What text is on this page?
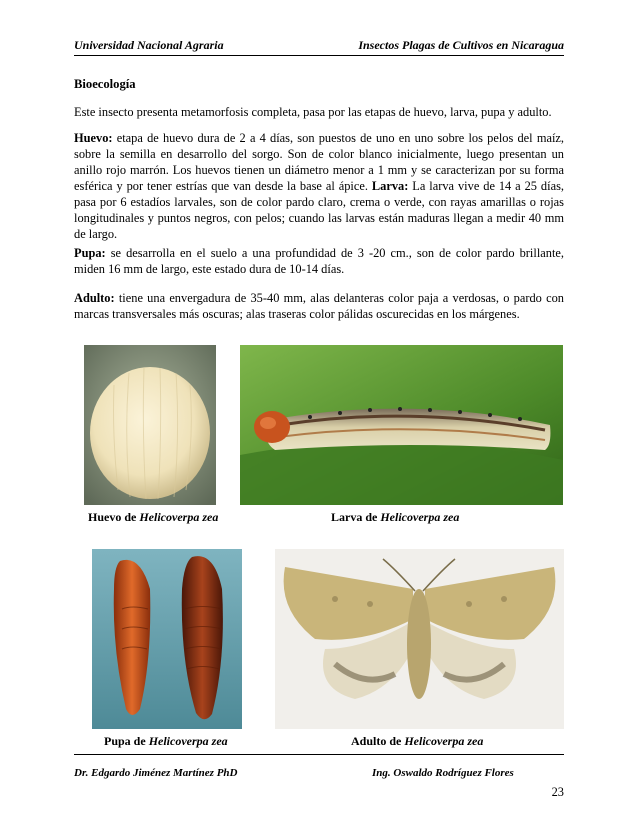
Universidad Nacional Agraria	Insectos Plagas de Cultivos en Nicaragua
Bioecología
Este insecto presenta metamorfosis completa, pasa por las etapas de huevo, larva, pupa y adulto.
Huevo: etapa de huevo dura de 2 a 4 días, son puestos de uno en uno sobre los pelos del maíz, sobre la semilla en desarrollo del sorgo. Son de color blanco inicialmente, luego presentan un anillo rojo marrón. Los huevos tienen un diámetro menor a 1 mm y se caracterizan por su forma esférica y por tener estrías que van desde la base al ápice. Larva: La larva vive de 14 a 25 días, pasa por 6 estadíos larvales, son de color pardo claro, crema o verde, con rayas amarillas o rojas longitudinales y puntos negros, con pelos; cuando las larvas están maduras llegan a medir 40 mm de largo.
Pupa: se desarrolla en el suelo a una profundidad de 3 -20 cm., son de color pardo brillante, miden 16 mm de largo, este estado dura de 10-14 días.
Adulto: tiene una envergadura de 35-40 mm, alas delanteras color paja a verdosas, o pardo con marcas transversales más oscuras; alas traseras color pálidas oscurecidas en los márgenes.
Huevo de Helicoverpa zea	Larva de Helicoverpa zea
Pupa de Helicoverpa zea	Adulto de Helicoverpa zea
Dr. Edgardo Jiménez Martínez PhD	Ing. Oswaldo Rodríguez Flores
23
